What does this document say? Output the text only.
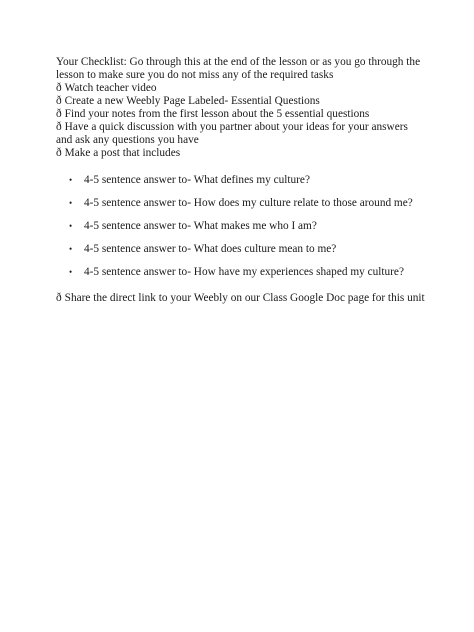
Your Checklist: Go through this at the end of the lesson or as you go through the lesson to make sure you do not miss any of the required tasks

ð Watch teacher video

ð Create a new Weebly Page Labeled- Essential Questions

ð Find your notes from the first lesson about the 5 essential questions

ð Have a quick discussion with you partner about your ideas for your answers and ask any questions you have

ð Make a post that includes

• 4-5 sentence answer to- What defines my culture?
• 4-5 sentence answer to- How does my culture relate to those around me?
• 4-5 sentence answer to- What makes me who I am?
• 4-5 sentence answer to- What does culture mean to me?
• 4-5 sentence answer to- How have my experiences shaped my culture?

ð Share the direct link to your Weebly on our Class Google Doc page for this unit
